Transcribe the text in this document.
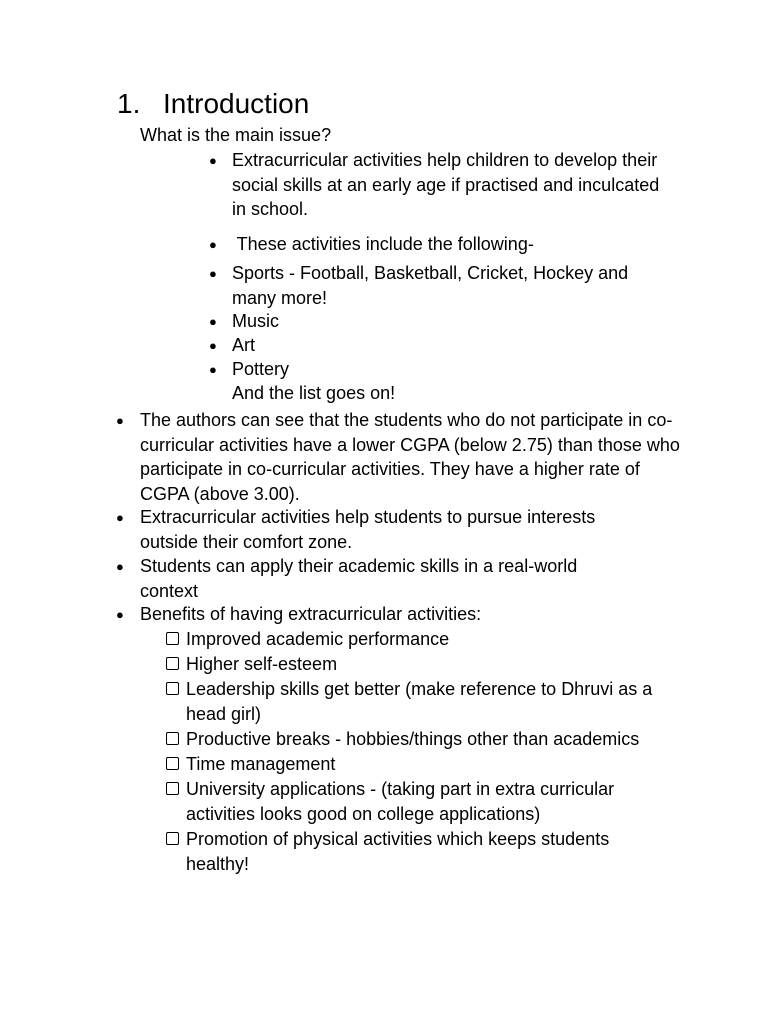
1. Introduction
What is the main issue?
● Extracurricular activities help children to develop their social skills at an early age if practised and inculcated in school.
● These activities include the following-
● Sports - Football, Basketball, Cricket, Hockey and many more!
● Music
● Art
● Pottery
And the list goes on!
● The authors can see that the students who do not participate in co-curricular activities have a lower CGPA (below 2.75) than those who participate in co-curricular activities. They have a higher rate of CGPA (above 3.00).
● Extracurricular activities help students to pursue interests outside their comfort zone.
● Students can apply their academic skills in a real-world context
● Benefits of having extracurricular activities:
Improved academic performance
Higher self-esteem
Leadership skills get better (make reference to Dhruvi as a head girl)
Productive breaks - hobbies/things other than academics
Time management
University applications - (taking part in extra curricular activities looks good on college applications)
Promotion of physical activities which keeps students healthy!
